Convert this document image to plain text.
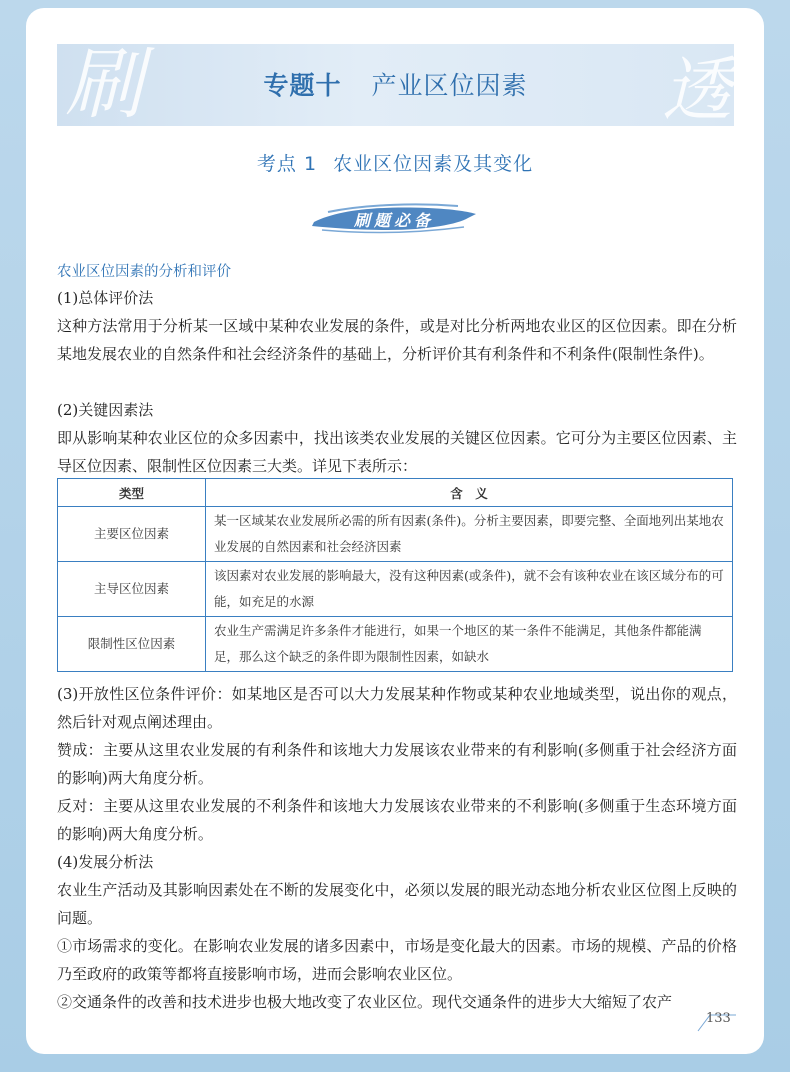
刷	透
专题十 产业区位因素
考点 1 农业区位因素及其变化
刷题必备
农业区位因素的分析和评价
(1)总体评价法
这种方法常用于分析某一区域中某种农业发展的条件，或是对比分析两地农业区的区位因素。即在分析某地发展农业的自然条件和社会经济条件的基础上，分析评价其有利条件和不利条件(限制性条件)。
(2)关键因素法
即从影响某种农业区位的众多因素中，找出该类农业发展的关键区位因素。它可分为主要区位因素、主导区位因素、限制性区位因素三大类。详见下表所示：
类型	含　义
主要区位因素	某一区域某农业发展所必需的所有因素(条件)。分析主要因素，即要完整、全面地列出某地农业发展的自然因素和社会经济因素
主导区位因素	该因素对农业发展的影响最大，没有这种因素(或条件)，就不会有该种农业在该区域分布的可能，如充足的水源
限制性区位因素	农业生产需满足许多条件才能进行，如果一个地区的某一条件不能满足，其他条件都能满足，那么这个缺乏的条件即为限制性因素，如缺水
(3)开放性区位条件评价：如某地区是否可以大力发展某种作物或某种农业地域类型，说出你的观点，然后针对观点阐述理由。
赞成：主要从这里农业发展的有利条件和该地大力发展该农业带来的有利影响(多侧重于社会经济方面的影响)两大角度分析。
反对：主要从这里农业发展的不利条件和该地大力发展该农业带来的不利影响(多侧重于生态环境方面的影响)两大角度分析。
(4)发展分析法
农业生产活动及其影响因素处在不断的发展变化中，必须以发展的眼光动态地分析农业区位图上反映的问题。
①市场需求的变化。在影响农业发展的诸多因素中，市场是变化最大的因素。市场的规模、产品的价格乃至政府的政策等都将直接影响市场，进而会影响农业区位。
②交通条件的改善和技术进步也极大地改变了农业区位。现代交通条件的进步大大缩短了农产
133
